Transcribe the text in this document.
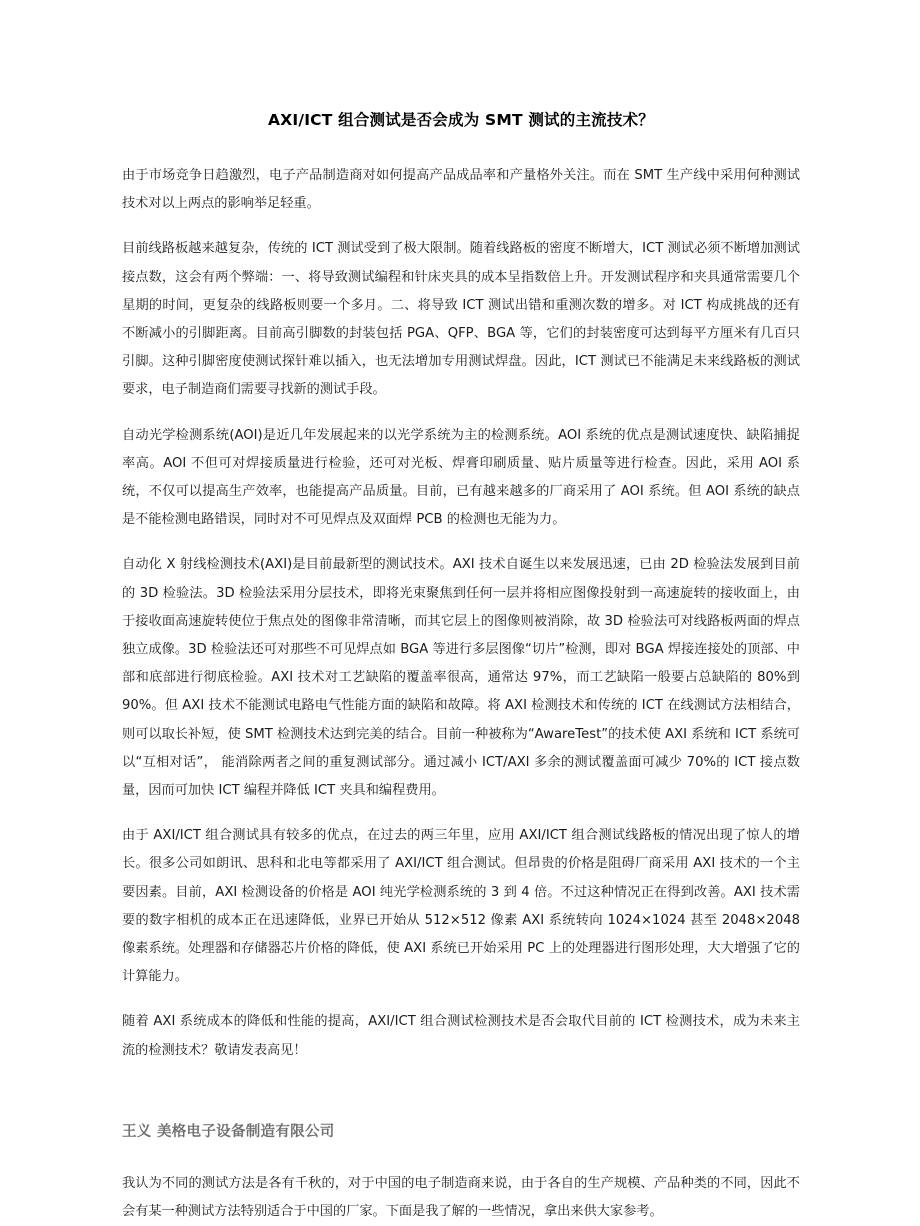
AXI/ICT 组合测试是否会成为 SMT 测试的主流技术？

由于市场竞争日趋激烈，电子产品制造商对如何提高产品成品率和产量格外关注。而在 SMT 生产线中采用何种测试技术对以上两点的影响举足轻重。

目前线路板越来越复杂，传统的 ICT 测试受到了极大限制。随着线路板的密度不断增大，ICT 测试必须不断增加测试接点数，这会有两个弊端：一、将导致测试编程和针床夹具的成本呈指数倍上升。开发测试程序和夹具通常需要几个星期的时间，更复杂的线路板则要一个多月。二、将导致 ICT 测试出错和重测次数的增多。对 ICT 构成挑战的还有不断减小的引脚距离。目前高引脚数的封装包括 PGA、QFP、BGA 等，它们的封装密度可达到每平方厘米有几百只引脚。这种引脚密度使测试探针难以插入，也无法增加专用测试焊盘。因此，ICT 测试已不能满足未来线路板的测试要求，电子制造商们需要寻找新的测试手段。

自动光学检测系统(AOI)是近几年发展起来的以光学系统为主的检测系统。AOI 系统的优点是测试速度快、缺陷捕捉率高。AOI 不但可对焊接质量进行检验，还可对光板、焊膏印刷质量、贴片质量等进行检查。因此，采用 AOI 系统，不仅可以提高生产效率，也能提高产品质量。目前，已有越来越多的厂商采用了 AOI 系统。但 AOI 系统的缺点是不能检测电路错误，同时对不可见焊点及双面焊 PCB 的检测也无能为力。

自动化 X 射线检测技术(AXI)是目前最新型的测试技术。AXI 技术自诞生以来发展迅速，已由 2D 检验法发展到目前的 3D 检验法。3D 检验法采用分层技术，即将光束聚焦到任何一层并将相应图像投射到一高速旋转的接收面上，由于接收面高速旋转使位于焦点处的图像非常清晰，而其它层上的图像则被消除，故 3D 检验法可对线路板两面的焊点独立成像。3D 检验法还可对那些不可见焊点如 BGA 等进行多层图像“切片”检测，即对 BGA 焊接连接处的顶部、中部和底部进行彻底检验。AXI 技术对工艺缺陷的覆盖率很高，通常达 97%，而工艺缺陷一般要占总缺陷的 80%到 90%。但 AXI 技术不能测试电路电气性能方面的缺陷和故障。将 AXI 检测技术和传统的 ICT 在线测试方法相结合，则可以取长补短，使 SMT 检测技术达到完美的结合。目前一种被称为“AwareTest”的技术使 AXI 系统和 ICT 系统可以“互相对话”， 能消除两者之间的重复测试部分。通过减小 ICT/AXI 多余的测试覆盖面可减少 70%的 ICT 接点数量，因而可加快 ICT 编程并降低 ICT 夹具和编程费用。

由于 AXI/ICT 组合测试具有较多的优点，在过去的两三年里，应用 AXI/ICT 组合测试线路板的情况出现了惊人的增长。很多公司如朗讯、思科和北电等都采用了 AXI/ICT 组合测试。但昂贵的价格是阻碍厂商采用 AXI 技术的一个主要因素。目前，AXI 检测设备的价格是 AOI 纯光学检测系统的 3 到 4 倍。不过这种情况正在得到改善。AXI 技术需要的数字相机的成本正在迅速降低，业界已开始从 512×512 像素 AXI 系统转向 1024×1024 甚至 2048×2048 像素系统。处理器和存储器芯片价格的降低，使 AXI 系统已开始采用 PC 上的处理器进行图形处理，大大增强了它的计算能力。

随着 AXI 系统成本的降低和性能的提高，AXI/ICT 组合测试检测技术是否会取代目前的 ICT 检测技术，成为未来主流的检测技术？敬请发表高见！

王义 美格电子设备制造有限公司

我认为不同的测试方法是各有千秋的，对于中国的电子制造商来说，由于各自的生产规模、产品种类的不同，因此不会有某一种测试方法特别适合于中国的厂家。下面是我了解的一些情况，拿出来供大家参考。
